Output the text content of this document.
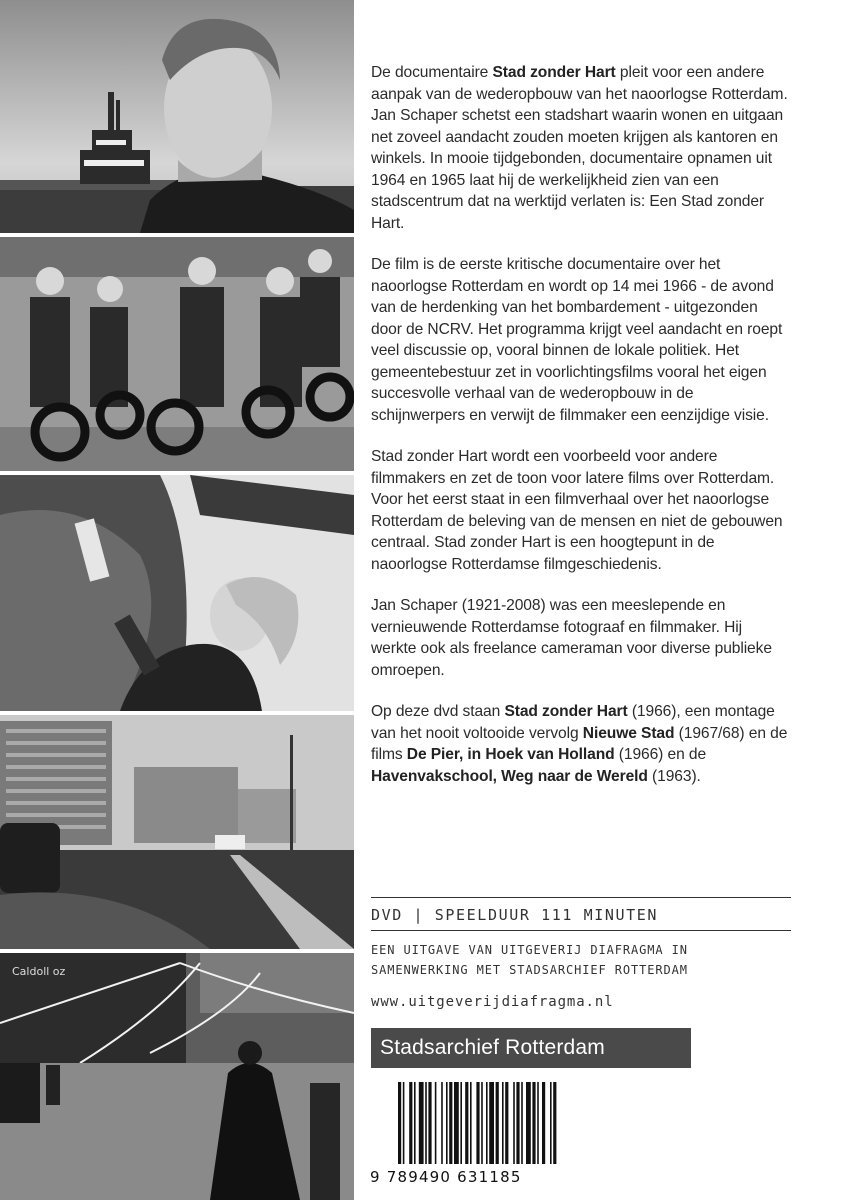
Caldoll oz

De documentaire Stad zonder Hart pleit voor een andere aanpak van de wederopbouw van het naoorlogse Rotterdam. Jan Schaper schetst een stadshart waarin wonen en uitgaan net zoveel aandacht zouden moeten krijgen als kantoren en winkels. In mooie tijdgebonden, documentaire opnamen uit 1964 en 1965 laat hij de werkelijkheid zien van een stadscentrum dat na werktijd verlaten is: Een Stad zonder Hart.

De film is de eerste kritische documentaire over het naoorlogse Rotterdam en wordt op 14 mei 1966 - de avond van de herdenking van het bombardement - uitgezonden door de NCRV. Het programma krijgt veel aandacht en roept veel discussie op, vooral binnen de lokale politiek. Het gemeentebestuur zet in voorlichtingsfilms vooral het eigen succesvolle verhaal van de wederopbouw in de schijnwerpers en verwijt de filmmaker een eenzijdige visie.

Stad zonder Hart wordt een voorbeeld voor andere filmmakers en zet de toon voor latere films over Rotterdam. Voor het eerst staat in een filmverhaal over het naoorlogse Rotterdam de beleving van de mensen en niet de gebouwen centraal. Stad zonder Hart is een hoogtepunt in de naoorlogse Rotterdamse filmgeschiedenis.

Jan Schaper (1921-2008) was een meeslepende en vernieuwende Rotterdamse fotograaf en filmmaker. Hij werkte ook als freelance cameraman voor diverse publieke omroepen.

Op deze dvd staan Stad zonder Hart (1966), een montage van het nooit voltooide vervolg Nieuwe Stad (1967/68) en de films De Pier, in Hoek van Holland (1966) en de Havenvakschool, Weg naar de Wereld (1963).

DVD | SPEELDUUR 111 MINUTEN
EEN UITGAVE VAN UITGEVERIJ DIAFRAGMA IN
SAMENWERKING MET STADSARCHIEF ROTTERDAM
www.uitgeverijdiafragma.nl
Stadsarchief Rotterdam
9 789490 631185
